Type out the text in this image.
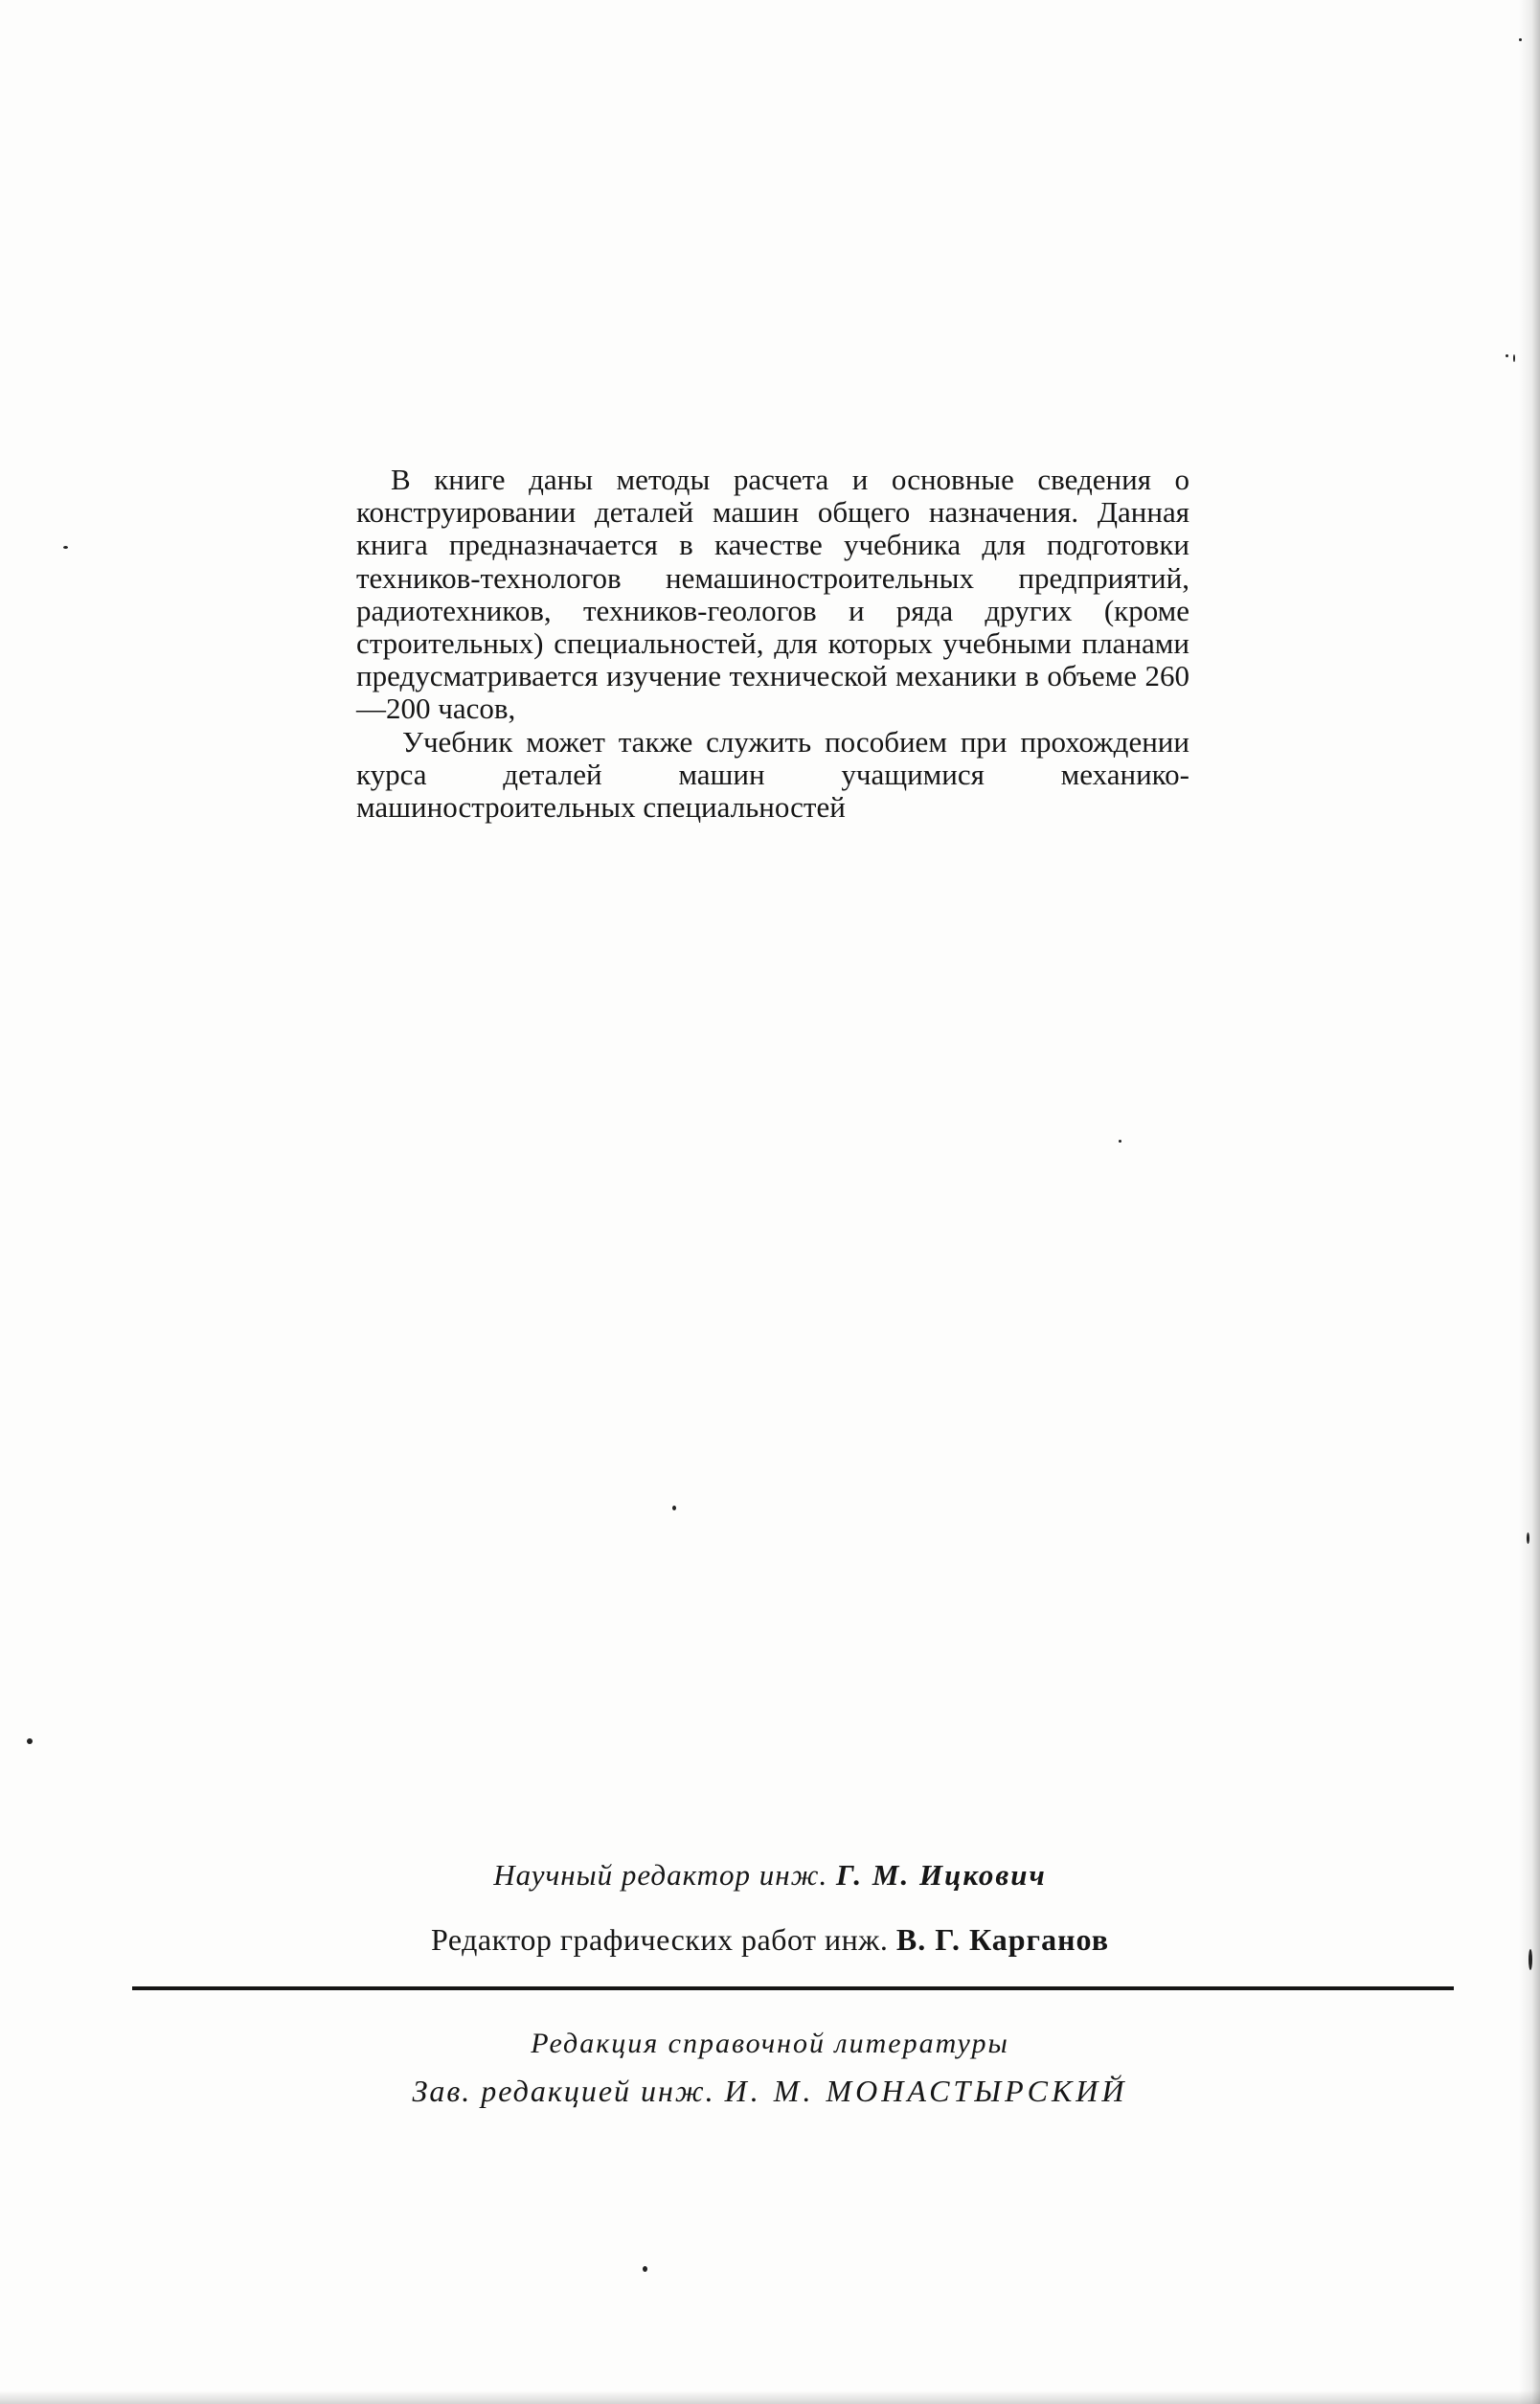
В книге даны методы расчета и основные сведения о конструировании деталей машин общего назначения. Данная книга предназначается в качестве учебника для подготовки техников-технологов немашиностроительных предприятий, радиотехников, техников-геологов и ряда других (кроме строительных) специальностей, для которых учебными планами предусматривается изучение технической механики в объеме 260—200 часов,

Учебник может также служить пособием при прохождении курса деталей машин учащимися механико-машиностроительных специальностей

Научный редактор инж. Г. М. Ицкович
Редактор графических работ инж. В. Г. Карганов
Редакция справочной литературы
Зав. редакцией инж. И. М. МОНАСТЫРСКИЙ
